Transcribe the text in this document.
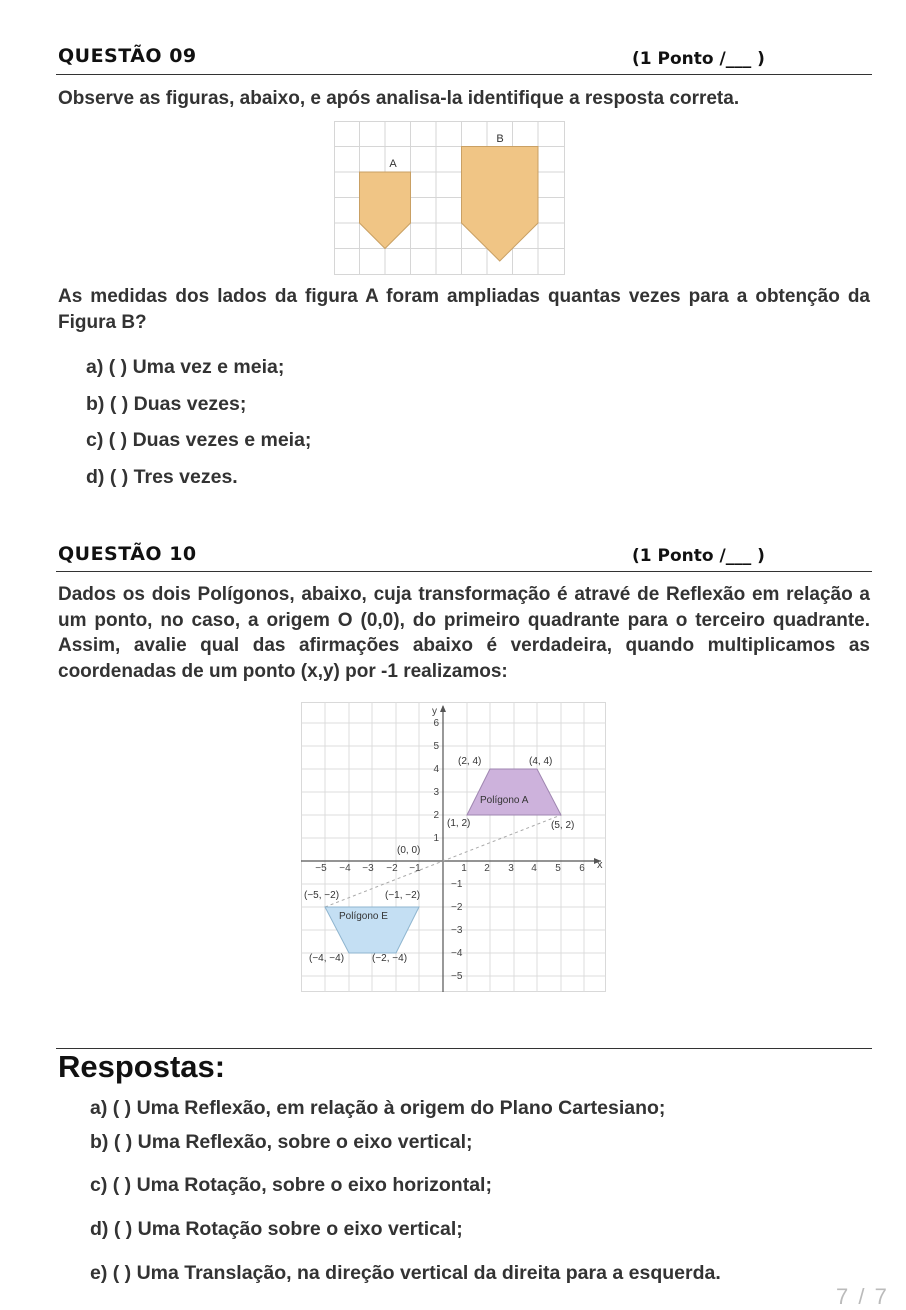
QUESTÃO 09	(1 Ponto /___ )
Observe as figuras, abaixo, e após analisa-la identifique a resposta correta.
A
B
As medidas dos lados da figura A foram ampliadas quantas vezes para a obtenção da Figura B?
a) ( ) Uma vez e meia;
b) ( ) Duas vezes;
c) ( ) Duas vezes e meia;
d) ( ) Tres vezes.
QUESTÃO 10	(1 Ponto /___ )
Dados os dois Polígonos, abaixo, cuja transformação é atravé de Reflexão em relação a um ponto, no caso, a origem O (0,0), do primeiro quadrante para o terceiro quadrante. Assim, avalie qual das afirmações abaixo é verdadeira, quando multiplicamos as coordenadas de um ponto (x,y) por -1 realizamos:
x
y
−5 −4 −3 −2 −1	1 2 3 4 5 6
1
2
3
4
5
6
−1
−2
−3
−4
−5
(0, 0)
(1, 2)
(2, 4)	(4, 4)
(5, 2)
(−5, −2)
(−4, −4)	(−2, −4)
(−1, −2)
Polígono A
Polígono E
Respostas:
a) ( ) Uma Reflexão, em relação à origem do Plano Cartesiano;
b) ( ) Uma Reflexão, sobre o eixo vertical;
c) ( ) Uma Rotação, sobre o eixo horizontal;
d) ( ) Uma Rotação sobre o eixo vertical;
e) ( ) Uma Translação, na direção vertical da direita para a esquerda.
7 / 7
